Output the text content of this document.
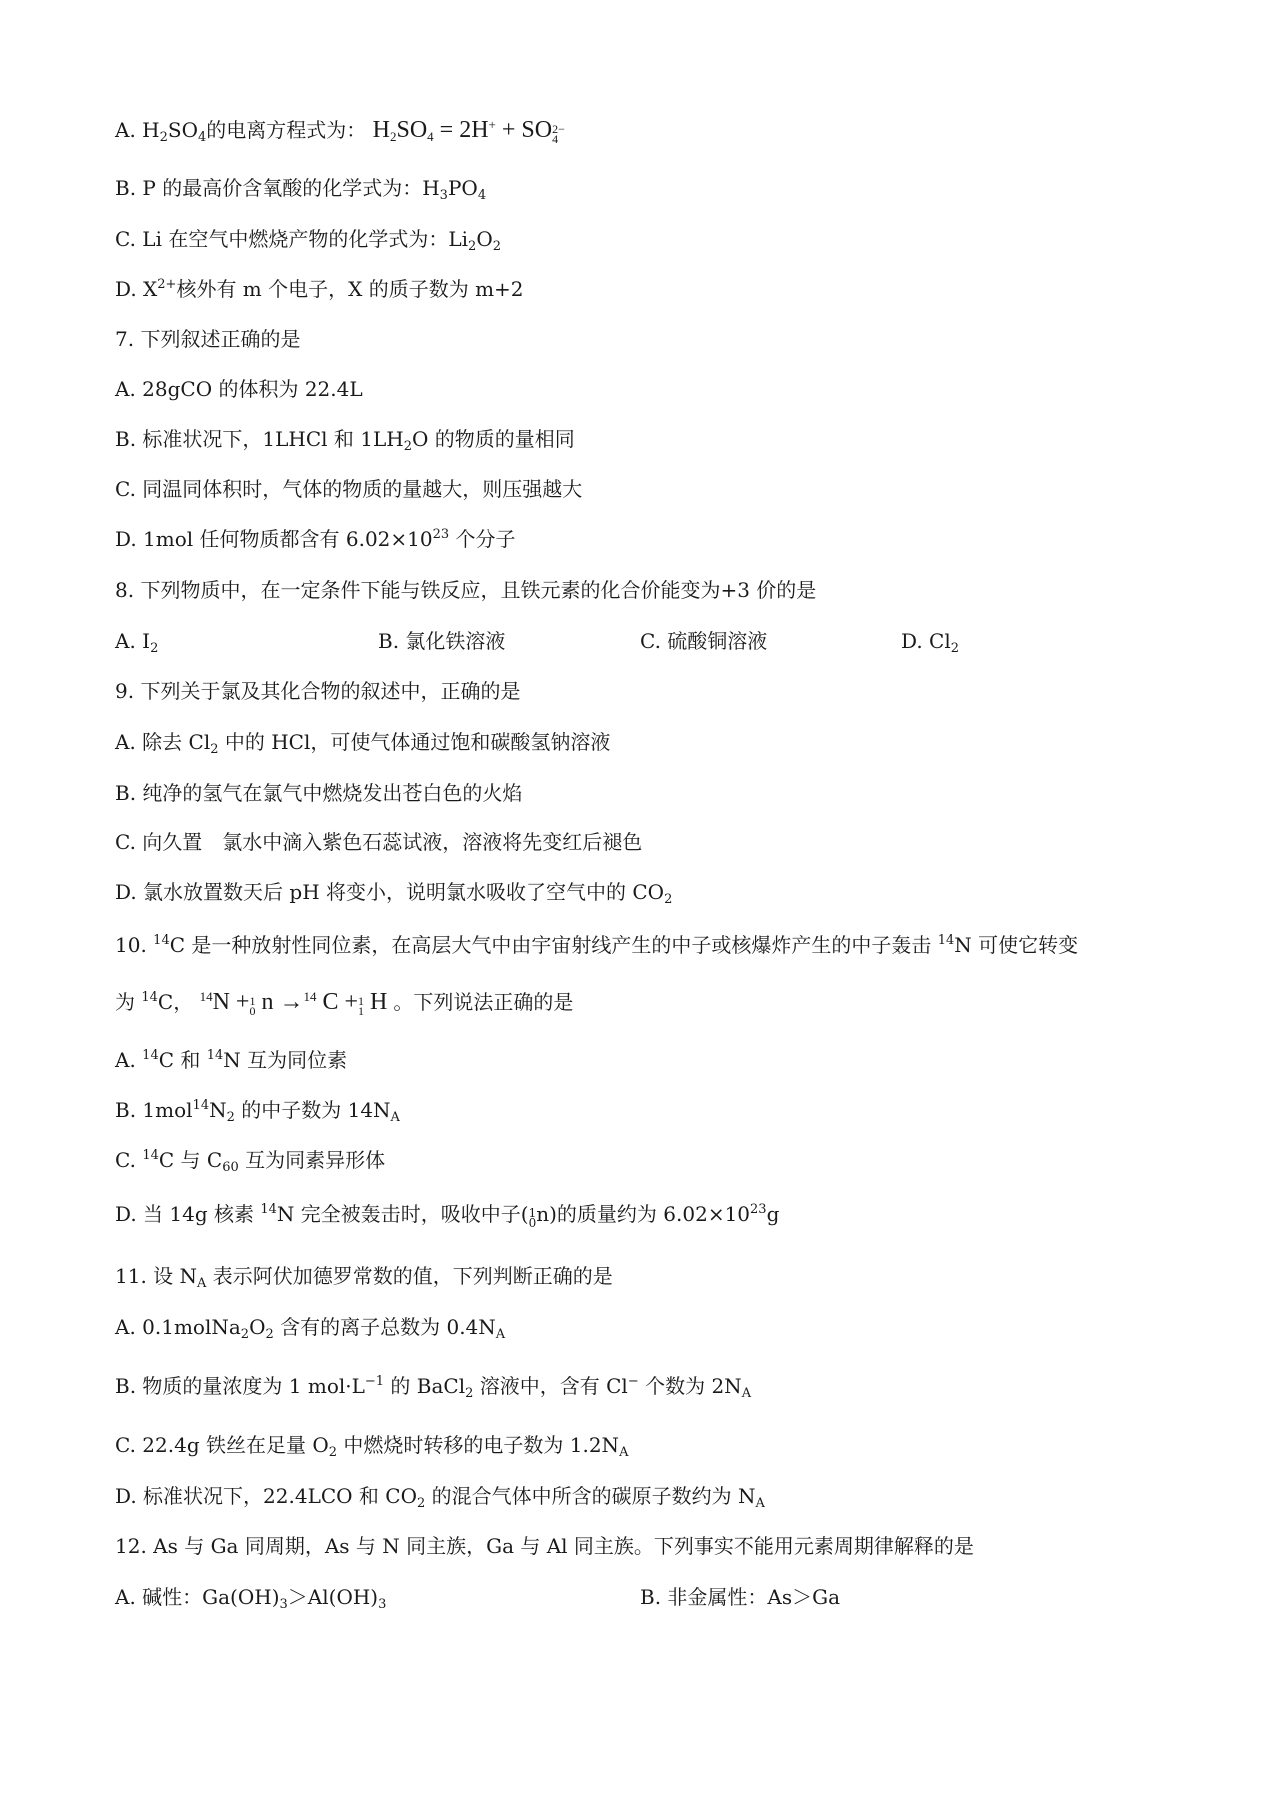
A. $H_2SO_4$的电离方程式为： $H_2SO_4 = 2H^+$ + SO 2−
4
B. P 的最高价含氧酸的化学式为：$H_3PO_4$
C. Li 在空气中燃烧产物的化学式为：$Li_2O_2$
D. $X^{2+}$核外有 m 个电子，X 的质子数为 m+2
7. 下列叙述正确的是
A. 28gCO 的体积为 22.4L
B. 标准状况下，1LHCl 和 $1LH_2O$ 的物质的量相同
C. 同温同体积时，气体的物质的量越大，则压强越大
D. 1mol 任何物质都含有 $6.02\times 10^{23}$ 个分子
8. 下列物质中，在一定条件下能与铁反应，且铁元素的化合价能变为+3 价的是
A. $I_2$	B. 氯化铁溶液	C. 硫酸铜溶液	D. $Cl_2$
9. 下列关于氯及其化合物的叙述中，正确的是
A. 除去 $Cl_2$ 中的 HCl，可使气体通过饱和碳酸氢钠溶液
B. 纯净的氢气在氯气中燃烧发出苍白色的火焰
C. 向久置　氯水中滴入紫色石蕊试液，溶液将先变红后褪色
D. 氯水放置数天后 pH 将变小，说明氯水吸收了空气中的 $CO_2$
10. $^{14}$C 是一种放射性同位素，在高层大气中由宇宙射线产生的中子或核爆炸产生的中子轰击 $^{14}$N 可使它转变
为 $^{14}$C， $^{14}$N + 1
0 n →$^{14}$ C + 1
1 H 。下列说法正确的是
A. $^{14}$C 和 $^{14}$N 互为同位素
B. $1mol^{14}N_2$ 的中子数为 $14N_A$
C. $^{14}$C 与 $C_{60}$ 互为同素异形体
D. 当 14g 核素 $^{14}$N 完全被轰击时，吸收中子( 1
0 n)的质量约为 $6.02\times 10^{23}g$
11. 设 $N_A$ 表示阿伏加德罗常数的值，下列判断正确的是
A. $0.1molNa_2O_2$ 含有的离子总数为 $0.4N_A$
B. 物质的量浓度为 1 $mol\cdot L^{-1}$ 的 BaCl$_2$ 溶液中，含有 Cl− 个数为 $2N_A$
C. 22.4g 铁丝在足量 $O_2$ 中燃烧时转移的电子数为 $1.2N_A$
D. 标准状况下，22.4LCO 和 $CO_2$ 的混合气体中所含的碳原子数约为 $N_A$
12. As 与 Ga 同周期，As 与 N 同主族，Ga 与 Al 同主族。下列事实不能用元素周期律解释的是
A. 碱性：$Ga(OH)_3>Al(OH)_3$	B. 非金属性：As＞Ga
